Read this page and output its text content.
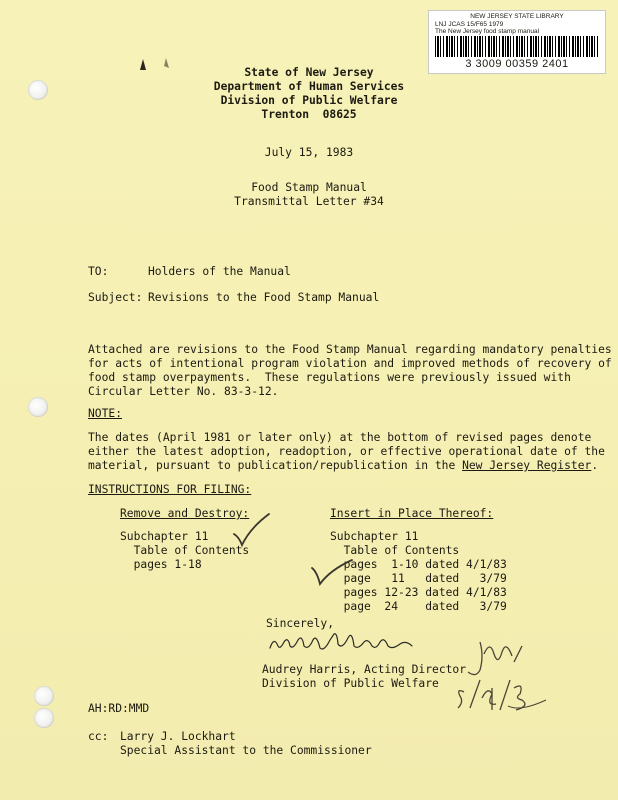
NEW JERSEY STATE LIBRARY
LNJ JCAS 15/F65 1979
The New Jersey food stamp manual
3 3009 00359 2401
State of New Jersey
Department of Human Services
Division of Public Welfare
Trenton  08625
July 15, 1983
Food Stamp Manual
Transmittal Letter #34
TO:	Holders of the Manual
Subject: Revisions to the Food Stamp Manual
Attached are revisions to the Food Stamp Manual regarding mandatory penalties
for acts of intentional program violation and improved methods of recovery of
food stamp overpayments.  These regulations were previously issued with
Circular Letter No. 83-3-12.
NOTE:
The dates (April 1981 or later only) at the bottom of revised pages denote
either the latest adoption, readoption, or effective operational date of the
material, pursuant to publication/republication in the New Jersey Register.
INSTRUCTIONS FOR FILING:
Remove and Destroy:	Insert in Place Thereof:
Subchapter 11
Table of Contents
pages 1-18
Subchapter 11
Table of Contents
pages  1-10 dated 4/1/83
page   11   dated   3/79
pages 12-23 dated 4/1/83
page  24    dated   3/79
Sincerely,
Audrey Harris, Acting Director
Division of Public Welfare
AH:RD:MMD
cc: Larry J. Lockhart
Special Assistant to the Commissioner
